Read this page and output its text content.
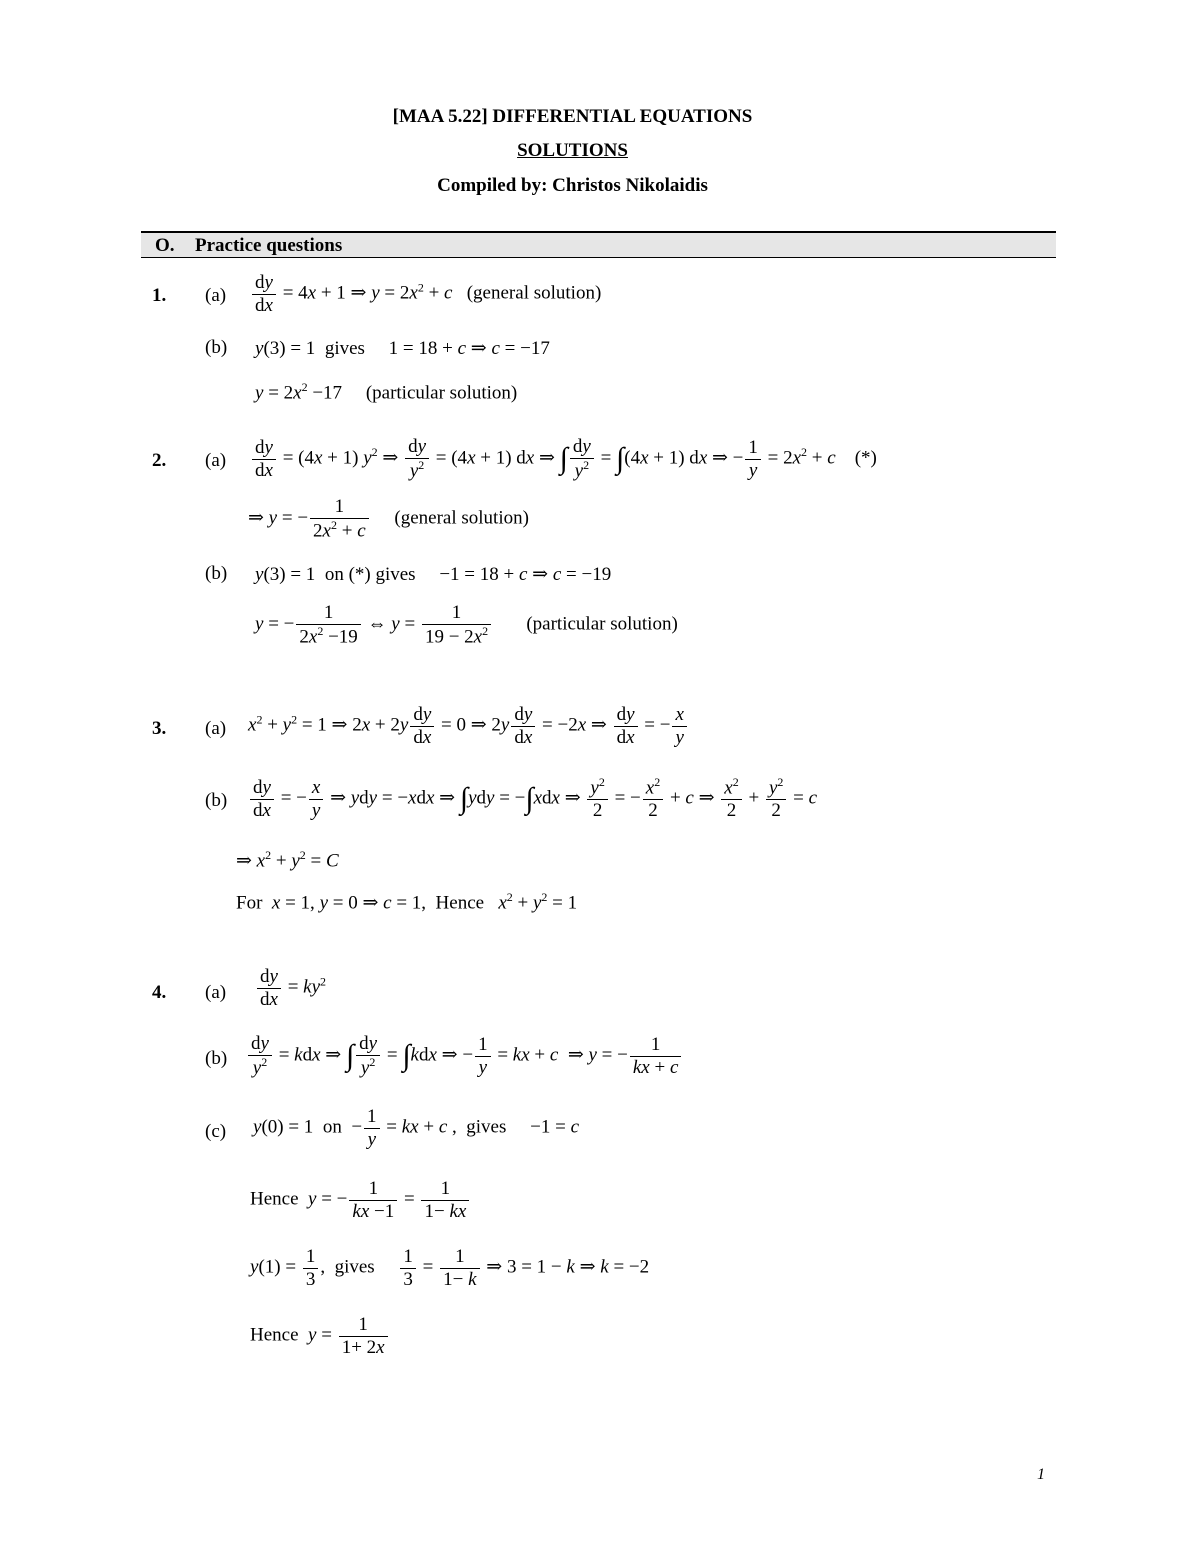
[MAA 5.22] DIFFERENTIAL EQUATIONS
SOLUTIONS
Compiled by: Christos Nikolaidis
O. Practice questions
1. $(a) \frac{dy}{dx} = 4x + 1$ ⇒ $y = 2x^2 + c$ (general solution)
(b) y(3) = 1  gives     1 = 18 + c ⇒ c = −17
$y = 2x^2 -17$     (particular solution)
2. $(a) \frac{dy}{dx} = (4x + 1)$ $y^2$ ⇒ $\frac{dy}{y^2} = (4x + 1)$ dx ⇒ ∫ $\frac{dy}{y^2} = \int(4x + 1)$ dx ⇒ − $\frac{1}{y} = 2x^2 + c$ (*)
⇒ y = − $\frac{1}{2x^2 + c}$ (general solution)
(b) y(3) = 1  on (*) gives     −1 = 18 + c ⇒ c = −19
y = − $\frac{1}{2x^2 -19}$ ⇔ $y = \frac{1}{19 - 2x^2}$ (particular solution)
3. (a) $x^2 + y^2 = 1$ ⇒ $2x + 2y \frac{dy}{dx} = 0$ ⇒ $2y \frac{dy}{dx} = -2x$ ⇒ $\frac{dy}{dx}$ = − $\frac{x}{y}$
$(b) \frac{dy}{dx}$ = − $\frac{x}{y}$ ⇒ ydy = −xdx ⇒ ∫ydy = −∫xdx ⇒ $\frac{y^2}{2}$ = − $\frac{x^2}{2} + c$ ⇒ $\frac{x^2}{2} + \frac{y^2}{2} = c$
⇒ $x^2 + y^2 = C$
For x = 1, y = 0 ⇒ c = 1,  Hence $x^2 + y^2 = 1$
4. $(a) \frac{dy}{dx} = ky^2$
$(b) \frac{dy}{y^2}$ = kdx ⇒ ∫ $\frac{dy}{y^2} = \int kdx$ ⇒ − $\frac{1}{y}$ = kx + c  ⇒ y = − $\frac{1}{kx + c}$
(c) y(0) = 1  on  − $\frac{1}{y}$ = kx + c ,  gives     −1 = c
Hence y = − $\frac{1}{kx -1} = \frac{1}{1- kx}$
$y(1) = \frac{1}{3}$ ,  gives $\frac{1}{3} = \frac{1}{1- k}$ ⇒ 3 = 1 − k ⇒ k = −2
Hence $y = \frac{1}{1+ 2x}$
1
